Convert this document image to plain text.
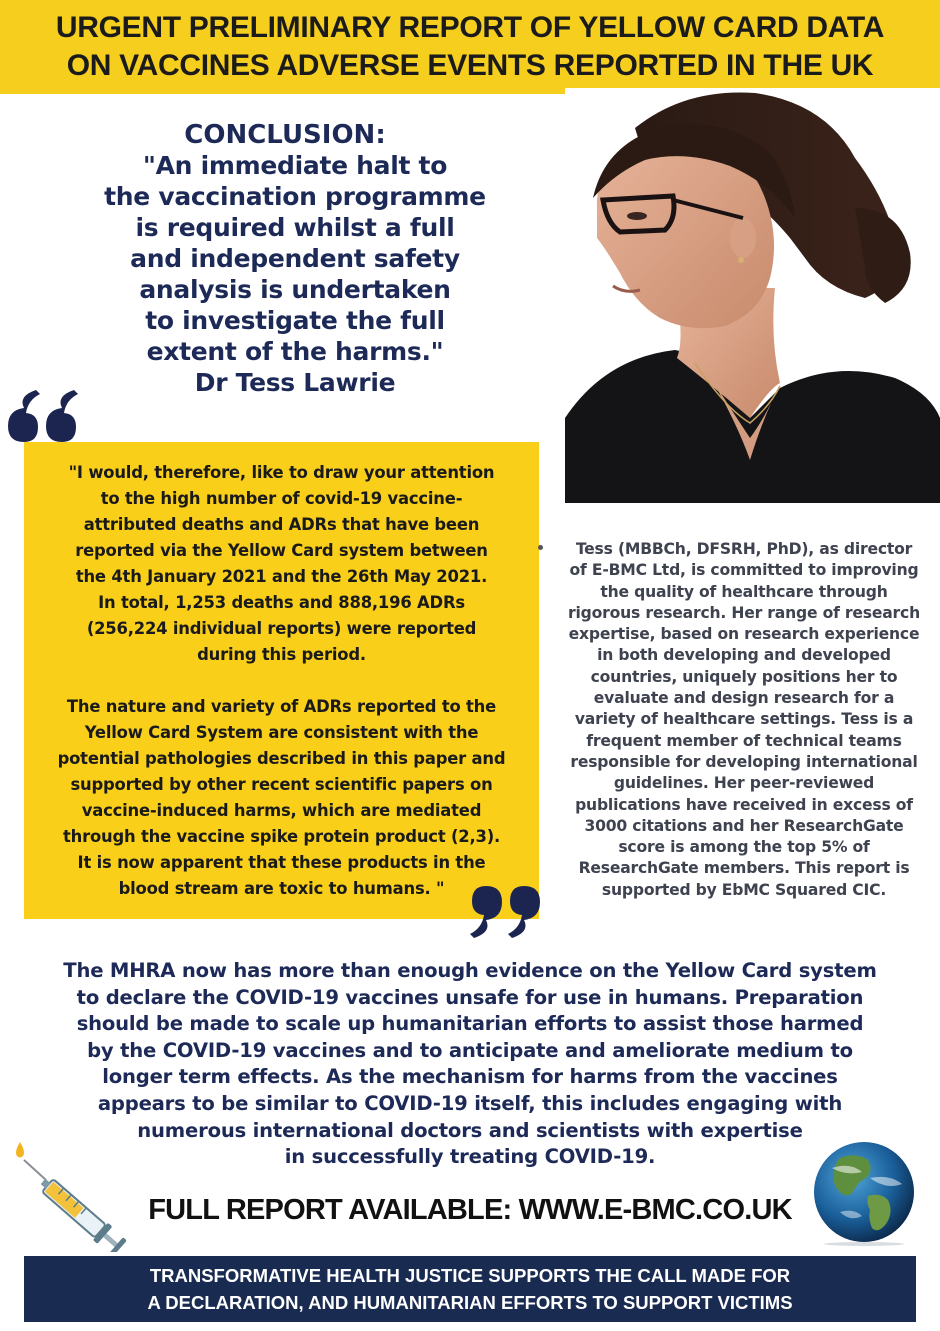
URGENT PRELIMINARY REPORT OF YELLOW CARD DATA
ON VACCINES ADVERSE EVENTS REPORTED IN THE UK
CONCLUSION:
"An immediate halt to
the vaccination programme
is required whilst a full
and independent safety
analysis is undertaken
to investigate the full
extent of the harms."
Dr Tess Lawrie
"I would, therefore, like to draw your attention
to the high number of covid-19 vaccine-
attributed deaths and ADRs that have been
reported via the Yellow Card system between
the 4th January 2021 and the 26th May 2021.
In total, 1,253 deaths and 888,196 ADRs
(256,224 individual reports) were reported
during this period.
The nature and variety of ADRs reported to the
Yellow Card System are consistent with the
potential pathologies described in this paper and
supported by other recent scientific papers on
vaccine-induced harms, which are mediated
through the vaccine spike protein product (2,3).
It is now apparent that these products in the
blood stream are toxic to humans. "
Tess (MBBCh, DFSRH, PhD), as director
of E-BMC Ltd, is committed to improving
the quality of healthcare through
rigorous research. Her range of research
expertise, based on research experience
in both developing and developed
countries, uniquely positions her to
evaluate and design research for a
variety of healthcare settings. Tess is a
frequent member of technical teams
responsible for developing international
guidelines. Her peer-reviewed
publications have received in excess of
3000 citations and her ResearchGate
score is among the top 5% of
ResearchGate members. This report is
supported by EbMC Squared CIC.
The MHRA now has more than enough evidence on the Yellow Card system
to declare the COVID-19 vaccines unsafe for use in humans. Preparation
should be made to scale up humanitarian efforts to assist those harmed
by the COVID-19 vaccines and to anticipate and ameliorate medium to
longer term effects. As the mechanism for harms from the vaccines
appears to be similar to COVID-19 itself, this includes engaging with
numerous international doctors and scientists with expertise
in successfully treating COVID-19.
FULL REPORT AVAILABLE: WWW.E-BMC.CO.UK
TRANSFORMATIVE HEALTH JUSTICE SUPPORTS THE CALL MADE FOR
A DECLARATION, AND HUMANITARIAN EFFORTS TO SUPPORT VICTIMS
